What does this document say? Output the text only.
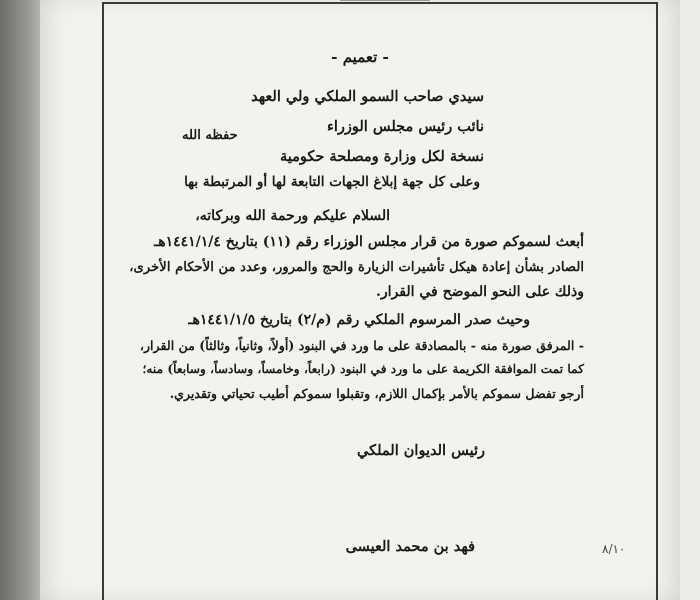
- تعميم -
سيدي صاحب السمو الملكي ولي العهد
نائب رئيس مجلس الوزراء
نسخة لكل وزارة ومصلحة حكومية
وعلى كل جهة إبلاغ الجهات التابعة لها أو المرتبطة بها
حفظه الله
السلام عليكم ورحمة الله وبركاته،
أبعث لسموكم صورة من قرار مجلس الوزراء رقم (١١) بتاريخ ١٤٤١/١/٤هـ
الصادر بشأن إعادة هيكل تأشيرات الزيارة والحج والمرور، وعدد من الأحكام الأخرى،
وذلك على النحو الموضح في القرار.
وحيث صدر المرسوم الملكي رقم (م/٢) بتاريخ ١٤٤١/١/٥هـ
- المرفق صورة منه - بالمصادقة على ما ورد في البنود (أولاً، وثانياً، وثالثاً) من القرار،
كما تمت الموافقة الكريمة على ما ورد في البنود (رابعاً، وخامساً، وسادساً، وسابعاً) منه؛
أرجو تفضل سموكم بالأمر بإكمال اللازم، وتقبلوا سموكم أطيب تحياتي وتقديري.
رئيس الديوان الملكي
فهد بن محمد العيسى	٨/١٠
